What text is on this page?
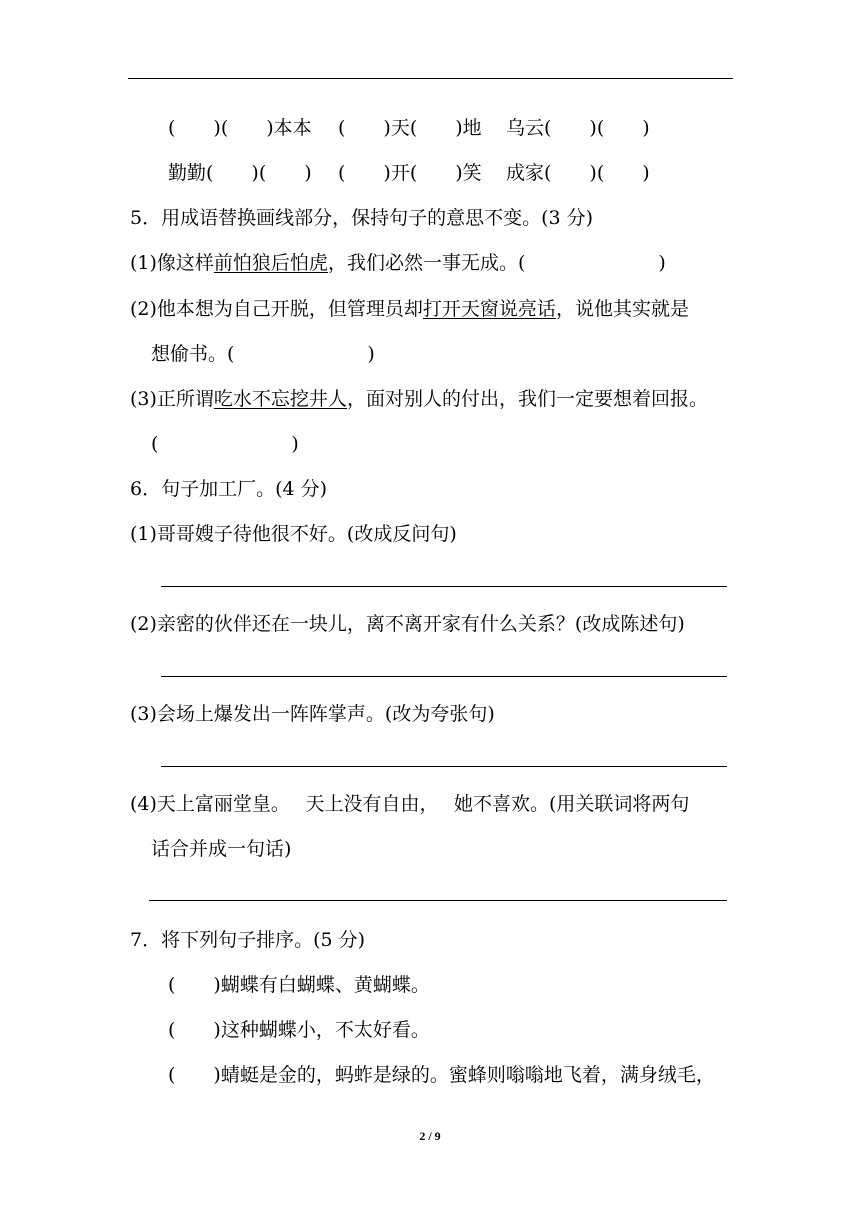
(　　)(　　)本本 (　　)天(　　)地 乌云(　　)(　　)
勤勤(　　)(　　) (　　)开(　　)笑 成家(　　)(　　)
5．用成语替换画线部分，保持句子的意思不变。(3 分)
(1)像这样前怕狼后怕虎，我们必然一事无成。(　　　　　　　)
(2)他本想为自己开脱，但管理员却打开天窗说亮话，说他其实就是
想偷书。(　　　　　　　)
(3)正所谓吃水不忘挖井人，面对别人的付出，我们一定要想着回报。
(　　　　　　　)
6．句子加工厂。(4 分)
(1)哥哥嫂子待他很不好。(改成反问句)
(2)亲密的伙伴还在一块儿，离不离开家有什么关系？(改成陈述句)
(3)会场上爆发出一阵阵掌声。(改为夸张句)
(4)天上富丽堂皇。　 天上没有自由，　 她不喜欢。(用关联词将两句
话合并成一句话)
7．将下列句子排序。(5 分)
(　　)蝴蝶有白蝴蝶、黄蝴蝶。
(　　)这种蝴蝶小，不太好看。
(　　)蜻蜓是金的，蚂蚱是绿的。蜜蜂则嗡嗡地飞着，满身绒毛，
2 / 9
